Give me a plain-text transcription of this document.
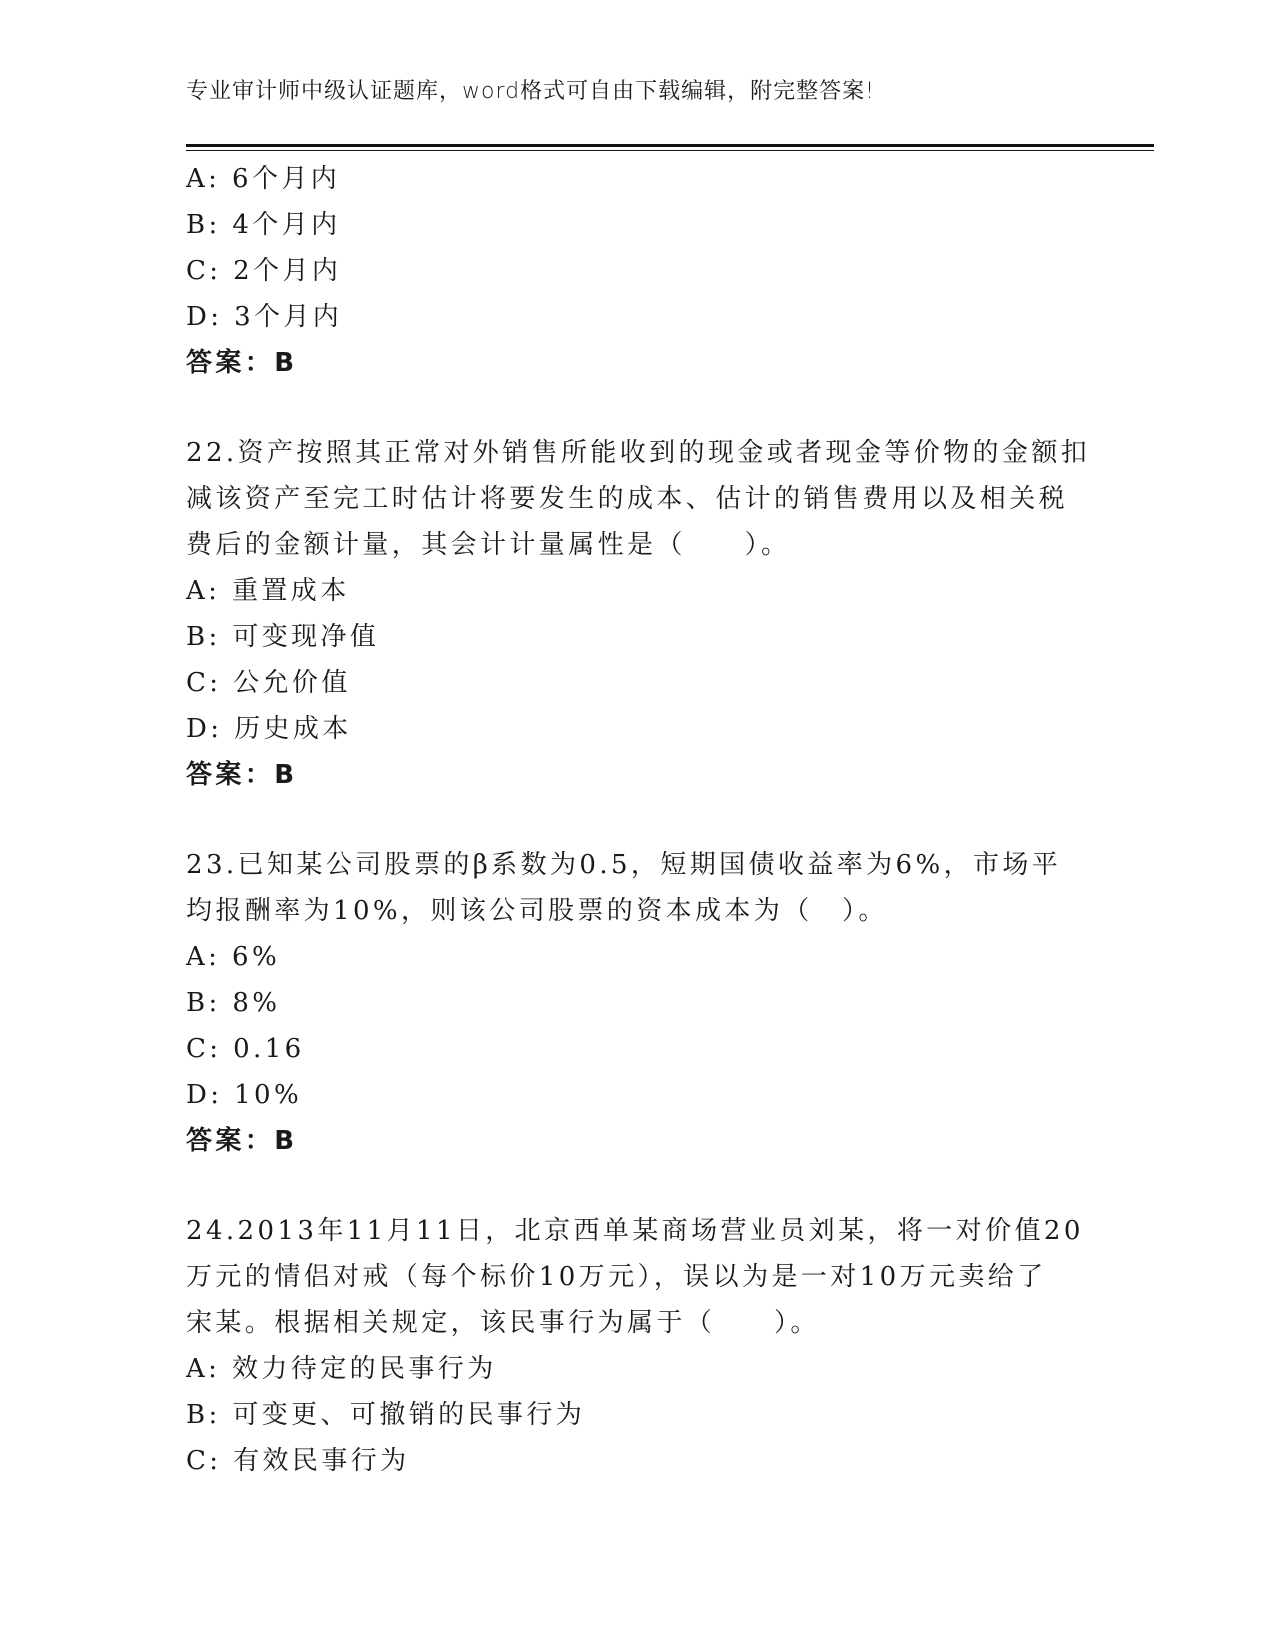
专业审计师中级认证题库，word格式可自由下载编辑，附完整答案!
A: 6个月内
B: 4个月内
C: 2个月内
D: 3个月内
答案：B
22.资产按照其正常对外销售所能收到的现金或者现金等价物的金额扣
减该资产至完工时估计将要发生的成本、估计的销售费用以及相关税
费后的金额计量，其会计计量属性是（　　）。
A: 重置成本
B: 可变现净值
C: 公允价值
D: 历史成本
答案：B
23.已知某公司股票的β系数为0.5，短期国债收益率为6%，市场平
均报酬率为10%，则该公司股票的资本成本为（　）。
A: 6%
B: 8%
C: 0.16
D: 10%
答案：B
24.2013年11月11日，北京西单某商场营业员刘某，将一对价值20
万元的情侣对戒（每个标价10万元），误以为是一对10万元卖给了
宋某。根据相关规定，该民事行为属于（　　）。
A: 效力待定的民事行为
B: 可变更、可撤销的民事行为
C: 有效民事行为
